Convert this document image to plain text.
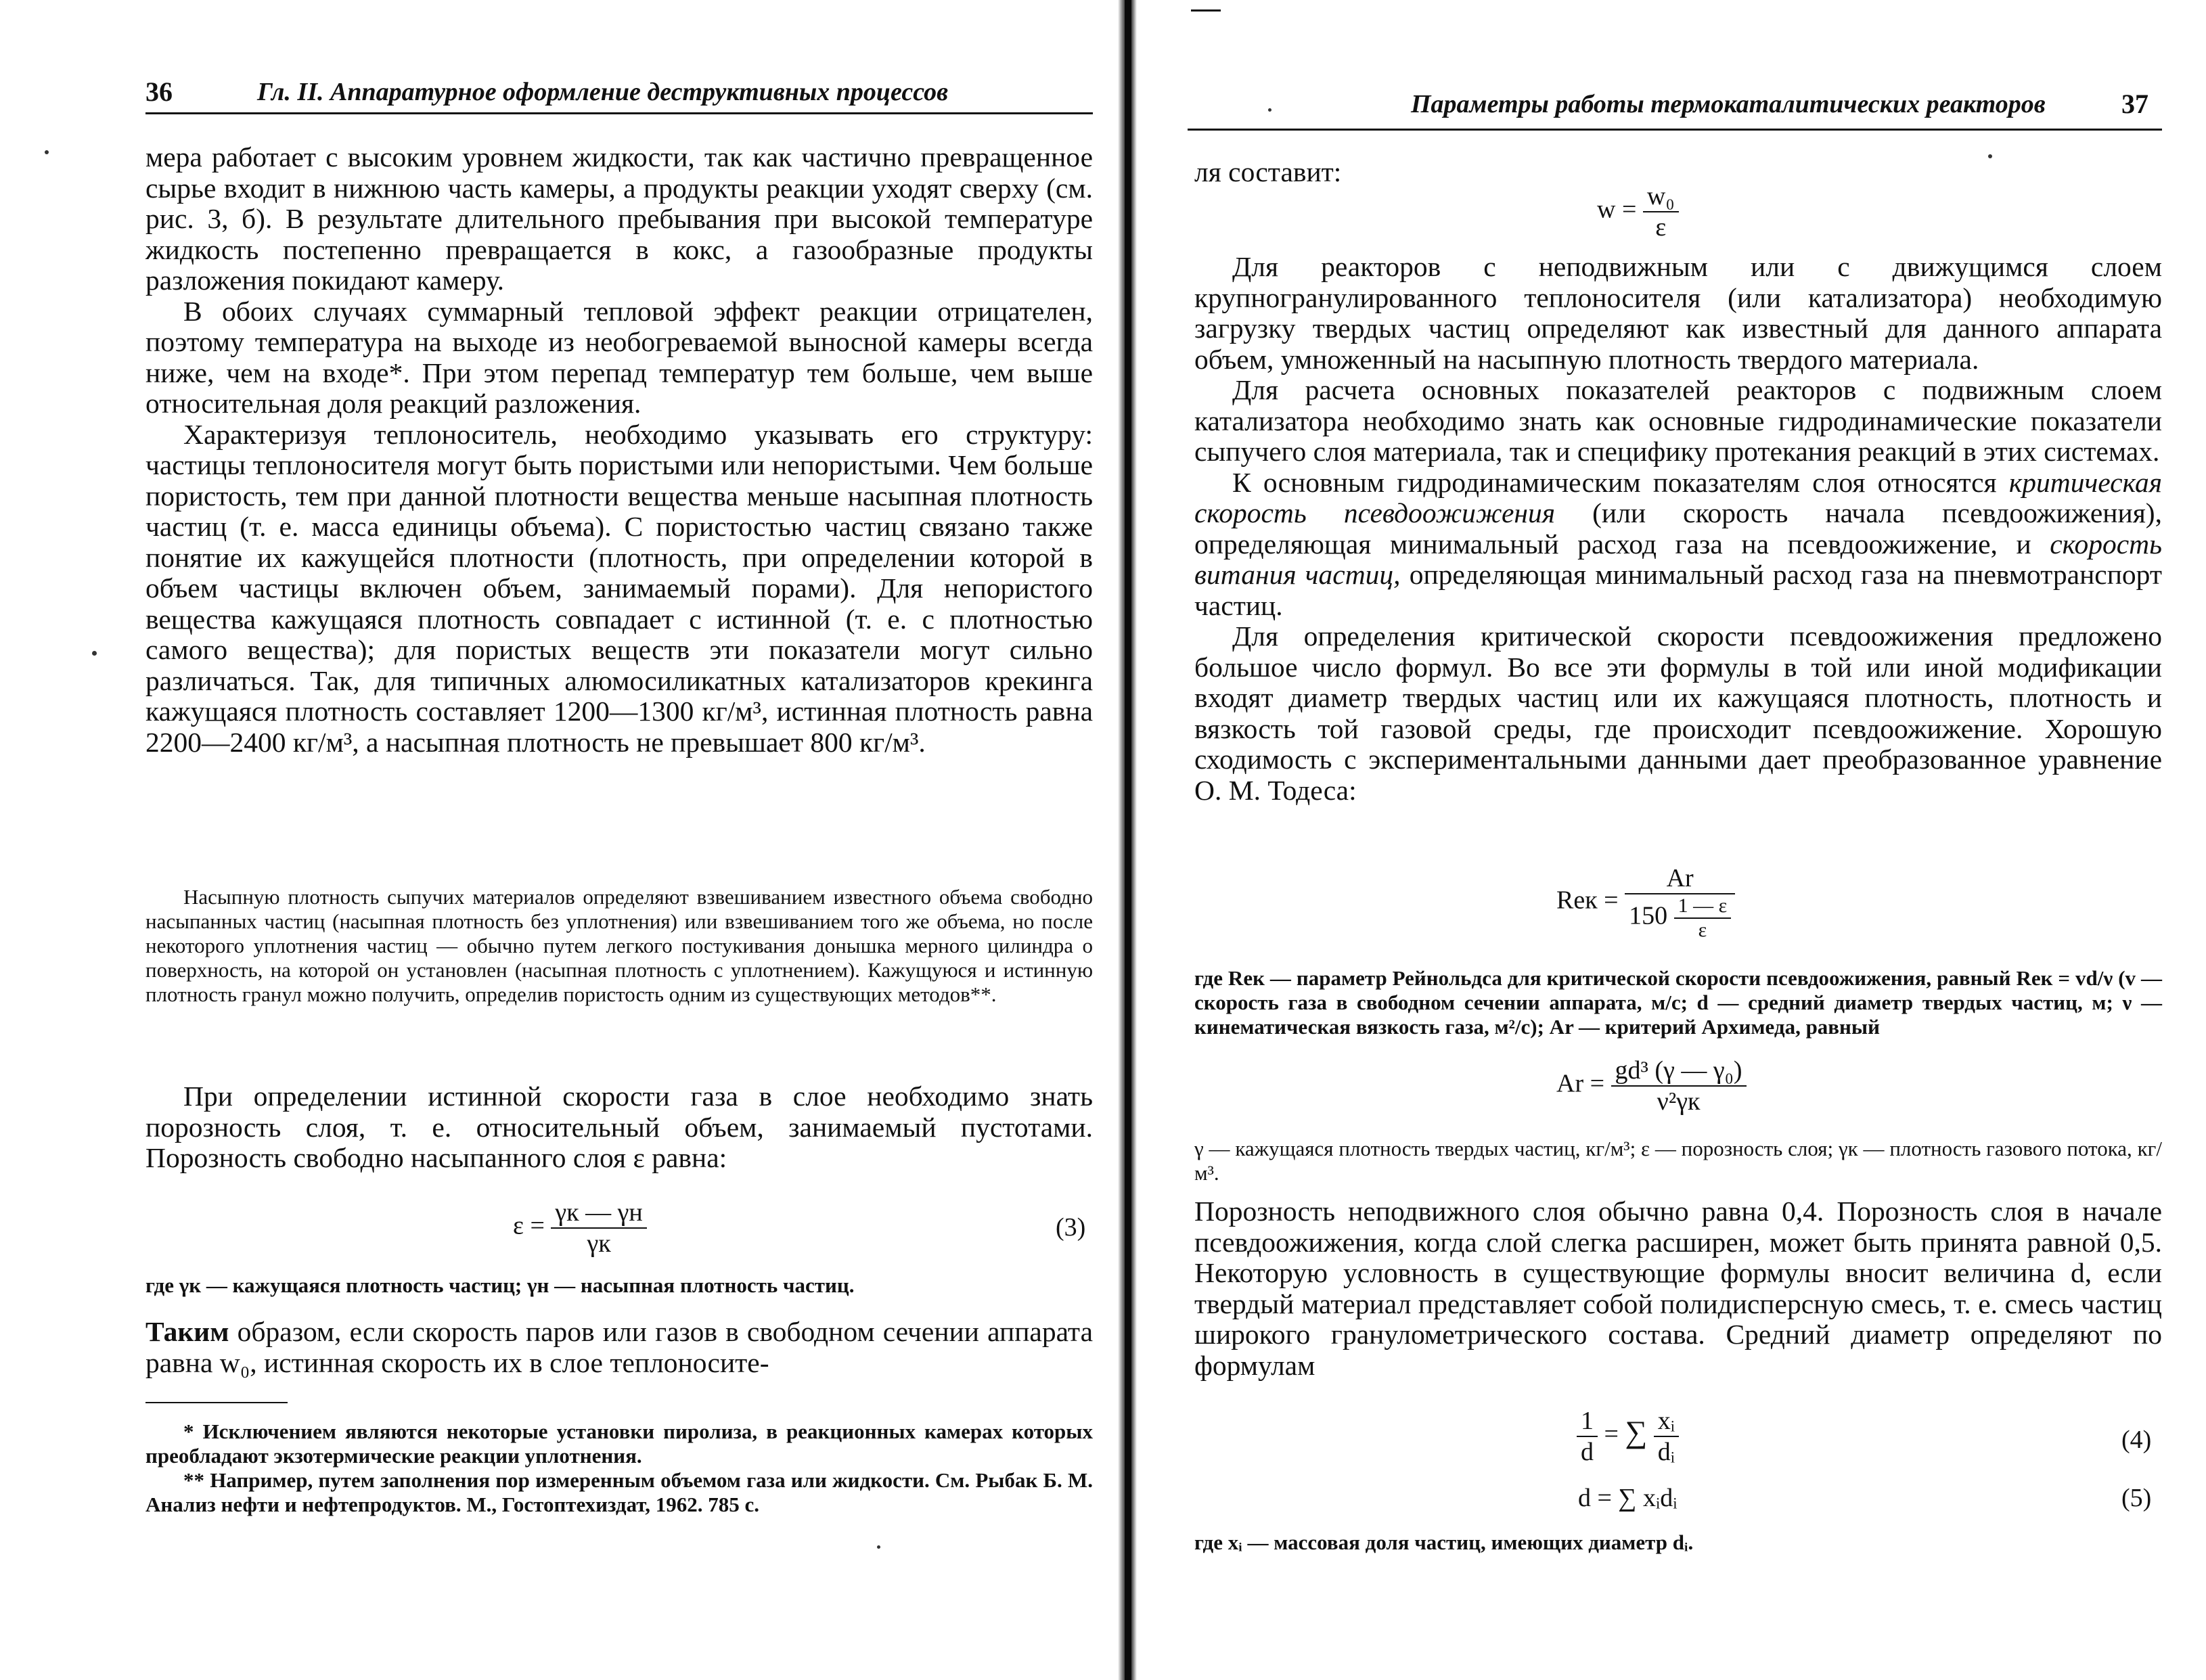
36	Гл. II. Аппаратурное оформление деструктивных процессов

мера работает с высоким уровнем жидкости, так как частично превращенное сырье входит в нижнюю часть камеры, а продукты реакции уходят сверху (см. рис. 3, б). В результате длительного пребывания при высокой температуре жидкость постепенно превращается в кокс, а газообразные продукты разложения покидают камеру.

В обоих случаях суммарный тепловой эффект реакции отрицателен, поэтому температура на выходе из необогреваемой выносной камеры всегда ниже, чем на входе*. При этом перепад температур тем больше, чем выше относительная доля реакций разложения.

Характеризуя теплоноситель, необходимо указывать его структуру: частицы теплоносителя могут быть пористыми или непористыми. Чем больше пористость, тем при данной плотности вещества меньше насыпная плотность частиц (т. е. масса единицы объема). С пористостью частиц связано также понятие их кажущейся плотности (плотность, при определении которой в объем частицы включен объем, занимаемый порами). Для непористого вещества кажущаяся плотность совпадает с истинной (т. е. с плотностью самого вещества); для пористых веществ эти показатели могут сильно различаться. Так, для типичных алюмосиликатных катализаторов крекинга кажущаяся плотность составляет 1200—1300 кг/м³, истинная плотность равна 2200—2400 кг/м³, а насыпная плотность не превышает 800 кг/м³.

Насыпную плотность сыпучих материалов определяют взвешиванием известного объема свободно насыпанных частиц (насыпная плотность без уплотнения) или взвешиванием того же объема, но после некоторого уплотнения частиц — обычно путем легкого постукивания донышка мерного цилиндра о поверхность, на которой он установлен (насыпная плотность с уплотнением). Кажущуюся и истинную плотность гранул можно получить, определив пористость одним из существующих методов**.

При определении истинной скорости газа в слое необходимо знать порозность слоя, т. е. относительный объем, занимаемый пустотами. Порозность свободно насыпанного слоя ε равна:

$\varepsilon = \frac{\gamma к — \gamma н}{\gamma к}$	(3)

где γк — кажущаяся плотность частиц; γн — насыпная плотность частиц.

Таким образом, если скорость паров или газов в свободном сечении аппарата равна w₀, истинная скорость их в слое теплоносите-

* Исключением являются некоторые установки пиролиза, в реакционных камерах которых преобладают экзотермические реакции уплотнения.

** Например, путем заполнения пор измеренным объемом газа или жидкости. См. Рыбак Б. М. Анализ нефти и нефтепродуктов. М., Гостоптехиздат, 1962. 785 с.

Параметры работы термокаталитических реакторов	37

ля составит:

$w = \frac{\text{w₀}}{\varepsilon}$

Для реакторов с неподвижным или с движущимся слоем крупногранулированного теплоносителя (или катализатора) необходимую загрузку твердых частиц определяют как известный для данного аппарата объем, умноженный на насыпную плотность твердого материала.

Для расчета основных показателей реакторов с подвижным слоем катализатора необходимо знать как основные гидродинамические показатели сыпучего слоя материала, так и специфику протекания реакций в этих системах.

К основным гидродинамическим показателям слоя относятся критическая скорость псевдоожижения (или скорость начала псевдоожижения), определяющая минимальный расход газа на псевдоожижение, и скорость витания частиц, определяющая минимальный расход газа на пневмотранспорт частиц.

Для определения критической скорости псевдоожижения предложено большое число формул. Во все эти формулы в той или иной модификации входят диаметр твердых частиц или их кажущаяся плотность, плотность и вязкость той газовой среды, где происходит псевдоожижение. Хорошую сходимость с экспериментальными данными дает преобразованное уравнение О. М. Тодеса:

Reк = $\frac{Ar}{150 \frac{1 — \varepsilon}{\varepsilon}}$

где Reк — параметр Рейнольдса для критической скорости псевдоожижения, равный Reк = vd/ν (v — скорость газа в свободном сечении аппарата, м/с; d — средний диаметр твердых частиц, м; ν — кинематическая вязкость газа, м²/с); Ar — критерий Архимеда, равный

$Ar = \frac{\text{gd³ (γ — γ₀)}}{\text{ν²γк}}$

γ — кажущаяся плотность твердых частиц, кг/м³; ε — порозность слоя; γк — плотность газового потока, кг/м³.

Порозность неподвижного слоя обычно равна 0,4. Порозность слоя в начале псевдоожижения, когда слой слегка расширен, может быть принята равной 0,5. Некоторую условность в существующие формулы вносит величина d, если твердый материал представляет собой полидисперсную смесь, т. е. смесь частиц широкого гранулометрического состава. Средний диаметр определяют по формулам

$\frac{1}{d}$ = ∑ $\frac{\text{xᵢ}}{\text{dᵢ}}$	(4)
d = ∑ xᵢdᵢ	(5)

где xᵢ — массовая доля частиц, имеющих диаметр dᵢ.
